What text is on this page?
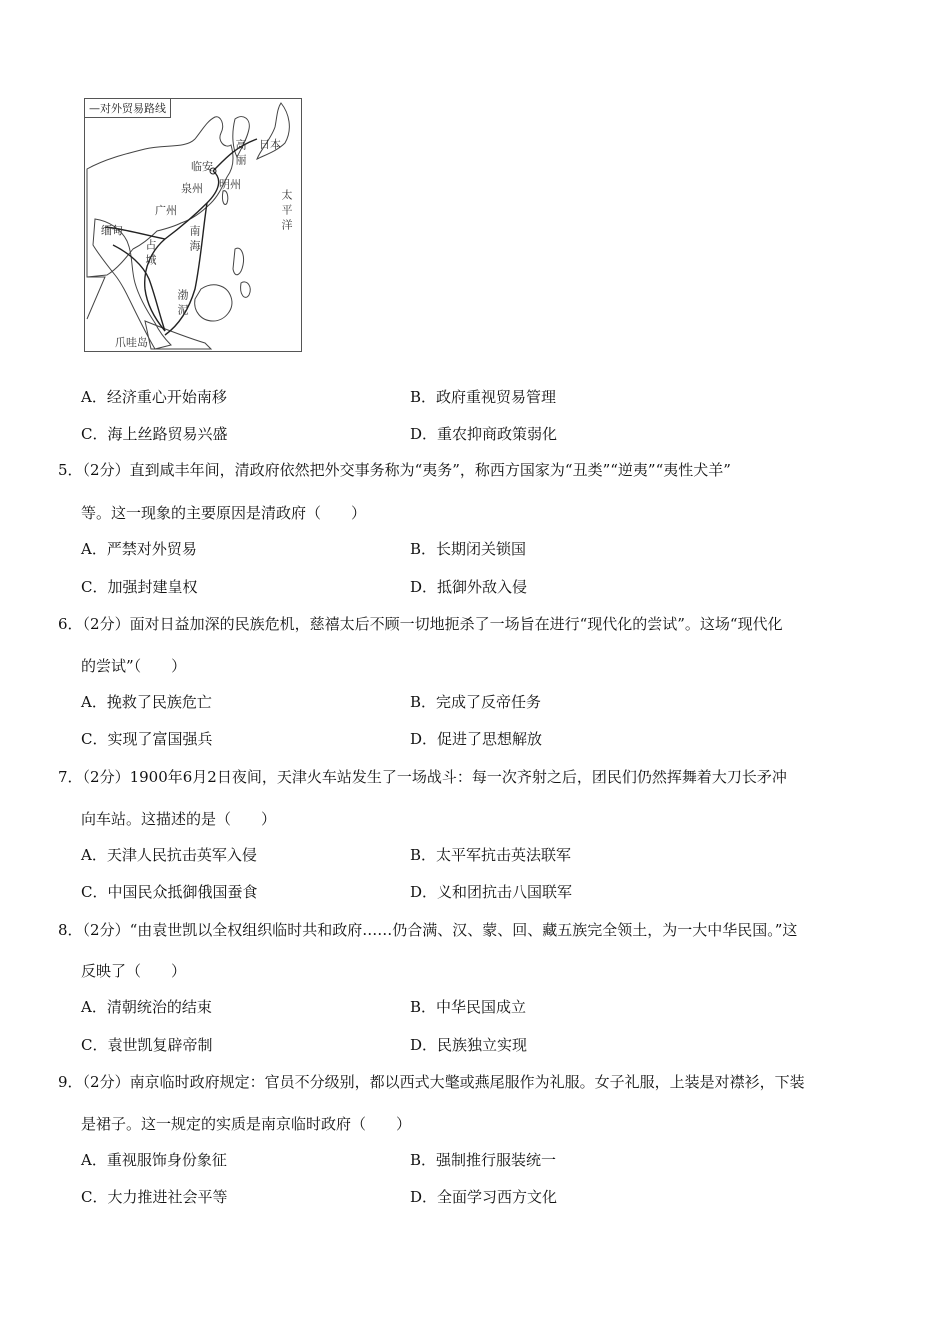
—对外贸易路线
临安
泉州 明州
广州
缅甸	南海
太平洋
高丽 日本
占城
渤泥
爪哇岛
A．经济重心开始南移	B．政府重视贸易管理
C．海上丝路贸易兴盛	D．重农抑商政策弱化
5．（2分）直到咸丰年间，清政府依然把外交事务称为“夷务”，称西方国家为“丑类”“逆夷”“夷性犬羊”
等。这一现象的主要原因是清政府（　　）
A．严禁对外贸易	B．长期闭关锁国
C．加强封建皇权	D．抵御外敌入侵
6．（2分）面对日益加深的民族危机，慈禧太后不顾一切地扼杀了一场旨在进行“现代化的尝试”。这场“现代化
的尝试”（　　）
A．挽救了民族危亡	B．完成了反帝任务
C．实现了富国强兵	D．促进了思想解放
7．（2分）1900年6月2日夜间，天津火车站发生了一场战斗：每一次齐射之后，团民们仍然挥舞着大刀长矛冲
向车站。这描述的是（　　）
A．天津人民抗击英军入侵	B．太平军抗击英法联军
C．中国民众抵御俄国蚕食	D．义和团抗击八国联军
8．（2分）“由袁世凯以全权组织临时共和政府……仍合满、汉、蒙、回、藏五族完全领土，为一大中华民国。”这
反映了（　　）
A．清朝统治的结束	B．中华民国成立
C．袁世凯复辟帝制	D．民族独立实现
9．（2分）南京临时政府规定：官员不分级别，都以西式大氅或燕尾服作为礼服。女子礼服，上装是对襟衫，下装
是裙子。这一规定的实质是南京临时政府（　　）
A．重视服饰身份象征	B．强制推行服装统一
C．大力推进社会平等	D．全面学习西方文化
